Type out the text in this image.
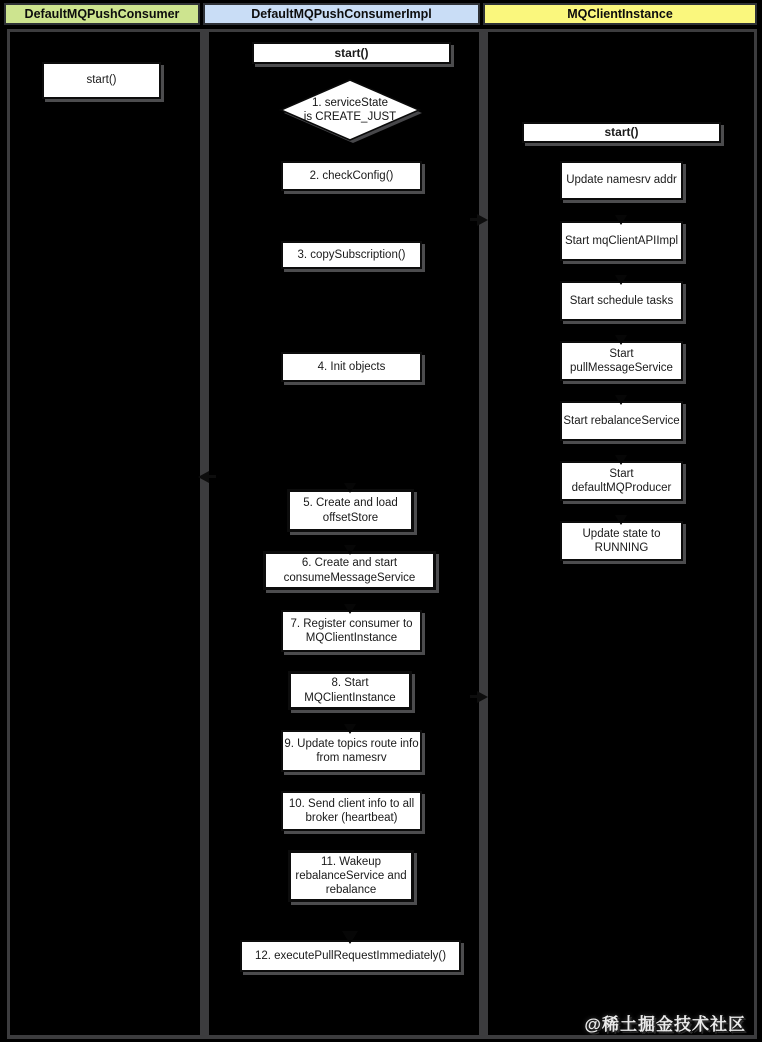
DefaultMQPushConsumer	DefaultMQPushConsumerImpl	MQClientInstance
start()
start()
1. serviceState
is CREATE_JUST
2. checkConfig()
3. copySubscription()
4. Init objects
5. Create and load offsetStore
6. Create and start consumeMessageService
7. Register consumer to MQClientInstance
8. Start MQClientInstance
9. Update topics route info from namesrv
10. Send client info to all broker (heartbeat)
11. Wakeup rebalanceService and rebalance
12. executePullRequestImmediately()
start()
Update namesrv addr
Start mqClientAPIImpl
Start schedule tasks
Start pullMessageService
Start rebalanceService
Start defaultMQProducer
Update state to RUNNING
@稀土掘金技术社区
